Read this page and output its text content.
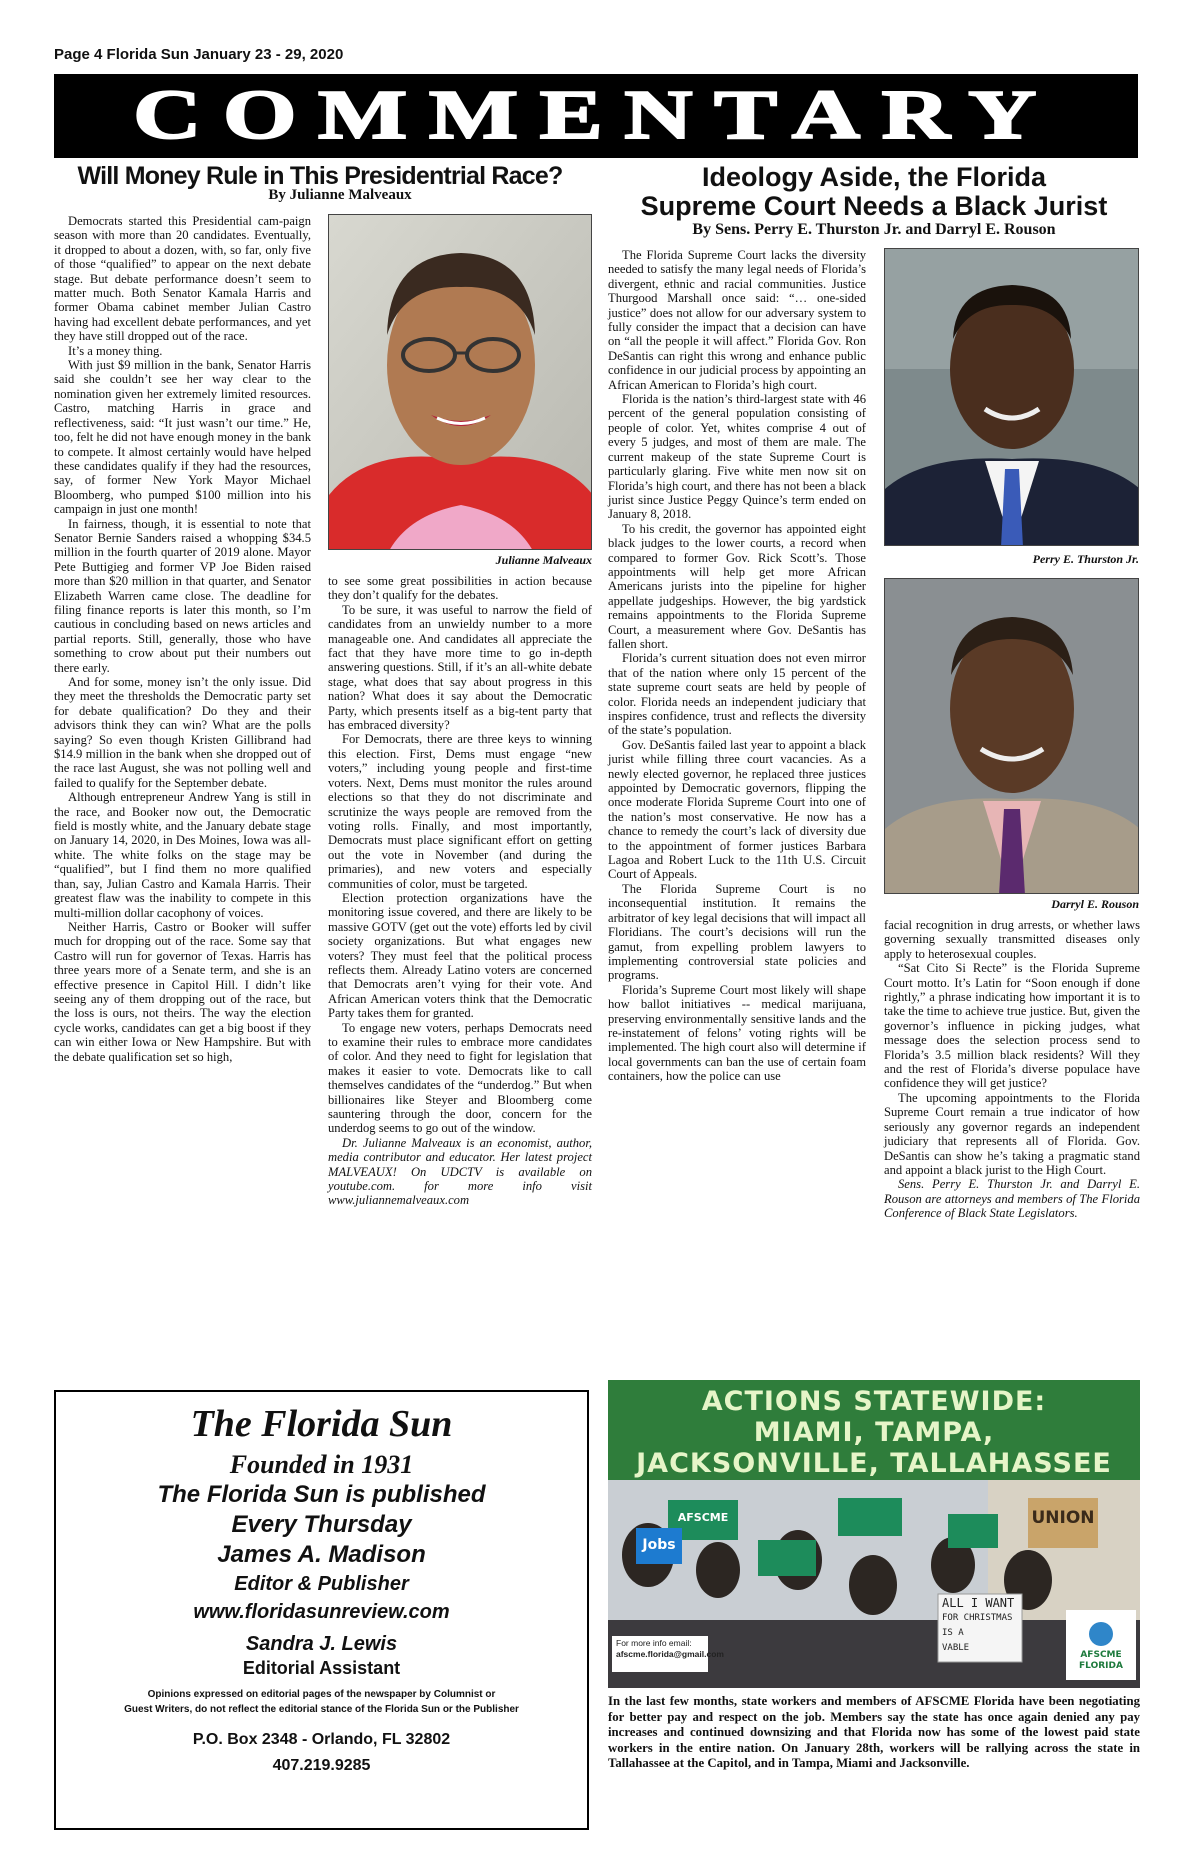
Page 4 Florida Sun January 23 - 29, 2020
COMMENTARY
Will Money Rule in This Presidentrial Race?
By Julianne Malveaux

Democrats started this Presidential cam-paign season with more than 20 candidates. Eventually, it dropped to about a dozen, with, so far, only five of those “qualified” to appear on the next debate stage. But debate performance doesn’t seem to matter much. Both Senator Kamala Harris and former Obama cabinet member Julian Castro having had excellent debate performances, and yet they have still dropped out of the race.

It’s a money thing.

With just $9 million in the bank, Senator Harris said she couldn’t see her way clear to the nomination given her extremely limited resources. Castro, matching Harris in grace and reflectiveness, said: “It just wasn’t our time.” He, too, felt he did not have enough money in the bank to compete. It almost certainly would have helped these candidates qualify if they had the resources, say, of former New York Mayor Michael Bloomberg, who pumped $100 million into his campaign in just one month!

In fairness, though, it is essential to note that Senator Bernie Sanders raised a whopping $34.5 million in the fourth quarter of 2019 alone. Mayor Pete Buttigieg and former VP Joe Biden raised more than $20 million in that quarter, and Senator Elizabeth Warren came close. The deadline for filing finance reports is later this month, so I’m cautious in concluding based on news articles and partial reports. Still, generally, those who have something to crow about put their numbers out there early.

And for some, money isn’t the only issue. Did they meet the thresholds the Democratic party set for debate qualification? Do they and their advisors think they can win? What are the polls saying? So even though Kristen Gillibrand had $14.9 million in the bank when she dropped out of the race last August, she was not polling well and failed to qualify for the September debate.

Although entrepreneur Andrew Yang is still in the race, and Booker now out, the Democratic field is mostly white, and the January debate stage on January 14, 2020, in Des Moines, Iowa was all-white. The white folks on the stage may be “qualified”, but I find them no more qualified than, say, Julian Castro and Kamala Harris. Their greatest flaw was the inability to compete in this multi-million dollar cacophony of voices.

Neither Harris, Castro or Booker will suffer much for dropping out of the race. Some say that Castro will run for governor of Texas. Harris has three years more of a Senate term, and she is an effective presence in Capitol Hill. I didn’t like seeing any of them dropping out of the race, but the loss is ours, not theirs. The way the election cycle works, candidates can get a big boost if they can win either Iowa or New Hampshire. But with the debate qualification set so high,

Julianne Malveaux

to see some great possibilities in action because they don’t qualify for the debates.

To be sure, it was useful to narrow the field of candidates from an unwieldy number to a more manageable one. And candidates all appreciate the fact that they have more time to go in-depth answering questions. Still, if it’s an all-white debate stage, what does that say about progress in this nation? What does it say about the Democratic Party, which presents itself as a big-tent party that has embraced diversity?

For Democrats, there are three keys to winning this election. First, Dems must engage “new voters,” including young people and first-time voters. Next, Dems must monitor the rules around elections so that they do not discriminate and scrutinize the ways people are removed from the voting rolls. Finally, and most importantly, Democrats must place significant effort on getting out the vote in November (and during the primaries), and new voters and especially communities of color, must be targeted.

Election protection organizations have the monitoring issue covered, and there are likely to be massive GOTV (get out the vote) efforts led by civil society organizations. But what engages new voters? They must feel that the political process reflects them. Already Latino voters are concerned that Democrats aren’t vying for their vote. And African American voters think that the Democratic Party takes them for granted.

To engage new voters, perhaps Democrats need to examine their rules to embrace more candidates of color. And they need to fight for legislation that makes it easier to vote. Democrats like to call themselves candidates of the “underdog.” But when billionaires like Steyer and Bloomberg come sauntering through the door, concern for the underdog seems to go out of the window.

Dr. Julianne Malveaux is an economist, author, media contributor and educator. Her latest project MALVEAUX! On UDCTV is available on youtube.com. for more info visit www.juliannemalveaux.com

Ideology Aside, the Florida
Supreme Court Needs a Black Jurist
By Sens. Perry E. Thurston Jr. and Darryl E. Rouson

The Florida Supreme Court lacks the diversity needed to satisfy the many legal needs of Florida’s divergent, ethnic and racial communities. Justice Thurgood Marshall once said: “… one-sided justice” does not allow for our adversary system to fully consider the impact that a decision can have on “all the people it will affect.” Florida Gov. Ron DeSantis can right this wrong and enhance public confidence in our judicial process by appointing an African American to Florida’s high court.

Florida is the nation’s third-largest state with 46 percent of the general population consisting of people of color. Yet, whites comprise 4 out of every 5 judges, and most of them are male. The current makeup of the state Supreme Court is particularly glaring. Five white men now sit on Florida’s high court, and there has not been a black jurist since Justice Peggy Quince’s term ended on January 8, 2018.

To his credit, the governor has appointed eight black judges to the lower courts, a record when compared to former Gov. Rick Scott’s. Those appointments will help get more African Americans jurists into the pipeline for higher appellate judgeships. However, the big yardstick remains appointments to the Florida Supreme Court, a measurement where Gov. DeSantis has fallen short.

Florida’s current situation does not even mirror that of the nation where only 15 percent of the state supreme court seats are held by people of color. Florida needs an independent judiciary that inspires confidence, trust and reflects the diversity of the state’s population.

Gov. DeSantis failed last year to appoint a black jurist while filling three court vacancies. As a newly elected governor, he replaced three justices appointed by Democratic governors, flipping the once moderate Florida Supreme Court into one of the nation’s most conservative. He now has a chance to remedy the court’s lack of diversity due to the appointment of former justices Barbara Lagoa and Robert Luck to the 11th U.S. Circuit Court of Appeals.

The Florida Supreme Court is no inconsequential institution. It remains the arbitrator of key legal decisions that will impact all Floridians. The court’s decisions will run the gamut, from expelling problem lawyers to implementing controversial state policies and programs.

Florida’s Supreme Court most likely will shape how ballot initiatives -- medical marijuana, preserving environmentally sensitive lands and the re-instatement of felons’ voting rights will be implemented. The high court also will determine if local governments can ban the use of certain foam containers, how the police can use

Perry E. Thurston Jr.
Darryl E. Rouson

facial recognition in drug arrests, or whether laws governing sexually transmitted diseases only apply to heterosexual couples.

“Sat Cito Si Recte” is the Florida Supreme Court motto. It’s Latin for “Soon enough if done rightly,” a phrase indicating how important it is to take the time to achieve true justice. But, given the governor’s influence in picking judges, what message does the selection process send to Florida’s 3.5 million black residents? Will they and the rest of Florida’s diverse populace have confidence they will get justice?

The upcoming appointments to the Florida Supreme Court remain a true indicator of how seriously any governor regards an independent judiciary that represents all of Florida. Gov. DeSantis can show he’s taking a pragmatic stand and appoint a black jurist to the High Court.

Sens. Perry E. Thurston Jr. and Darryl E. Rouson are attorneys and members of The Florida Conference of Black State Legislators.

The Florida Sun
Founded in 1931
The Florida Sun is published
Every Thursday
James A. Madison
Editor & Publisher
www.floridasunreview.com
Sandra J. Lewis
Editorial Assistant
Opinions expressed on editorial pages of the newspaper by Columnist or
Guest Writers, do not reflect the editorial stance of the Florida Sun or the Publisher
P.O. Box 2348 - Orlando, FL 32802
407.219.9285
ACTIONS STATEWIDE:
MIAMI, TAMPA,
JACKSONVILLE, TALLAHASSEE
AFSCME
Jobs
UNION
ALL I WANT
FOR CHRISTMAS
IS A
VABLE
For more info email:
afscme.florida@gmail.com	AFSCME FLORIDA
In the last few months, state workers and members of AFSCME Florida have been negotiating for better pay and respect on the job. Members say the state has once again denied any pay increases and continued downsizing and that Florida now has some of the lowest paid state workers in the entire nation. On January 28th, workers will be rallying across the state in Tallahassee at the Capitol, and in Tampa, Miami and Jacksonville.
